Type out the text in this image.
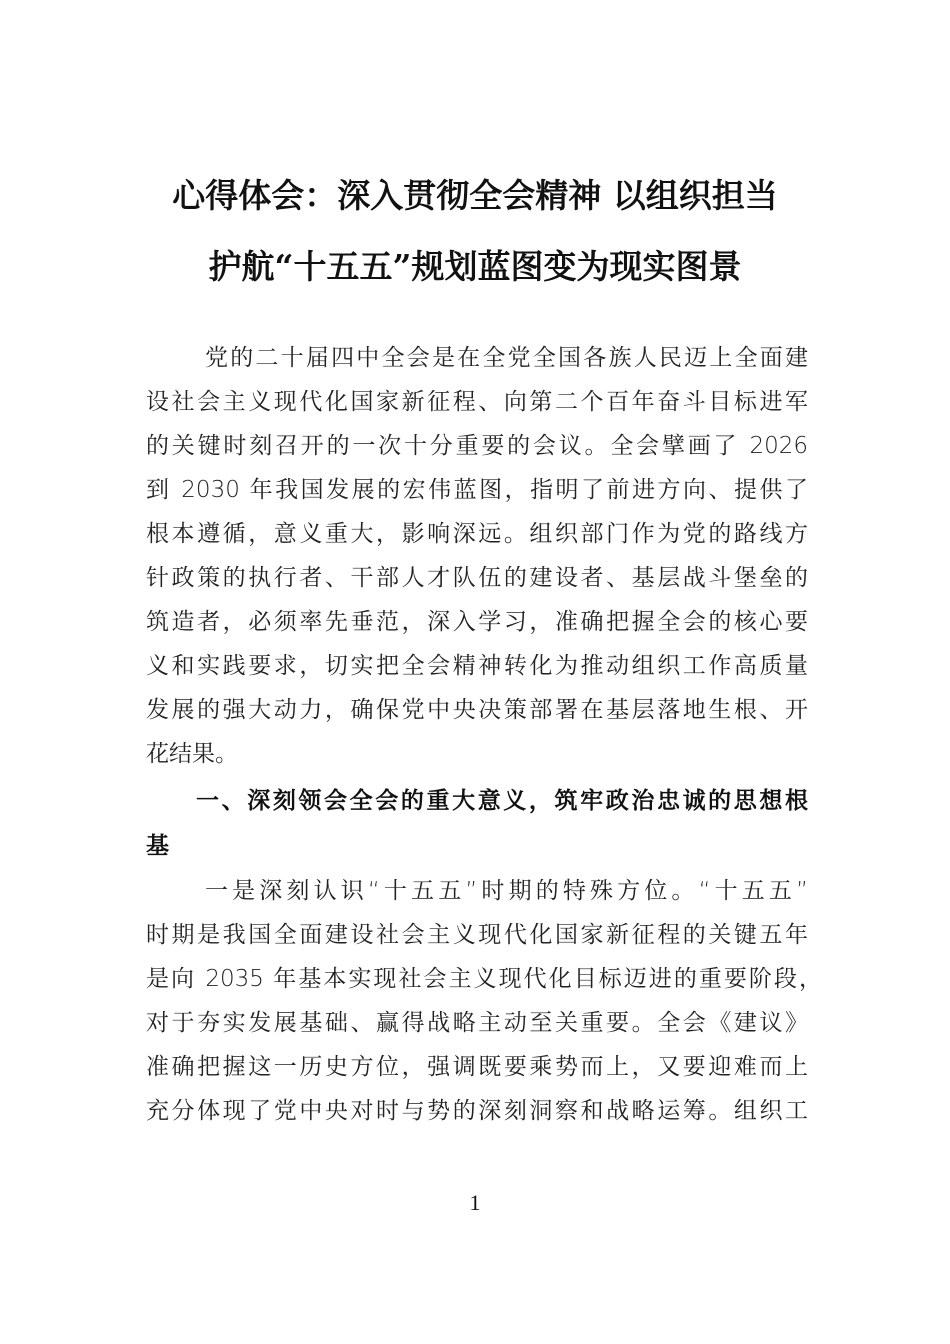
心得体会：深入贯彻全会精神 以组织担当
护航“十五五”规划蓝图变为现实图景
党的二十届四中全会是在全党全国各族人民迈上全面建
设社会主义现代化国家新征程、向第二个百年奋斗目标进军
的关键时刻召开的一次十分重要的会议。全会擘画了 2026
到 2030 年我国发展的宏伟蓝图，指明了前进方向、提供了
根本遵循，意义重大，影响深远。组织部门作为党的路线方
针政策的执行者、干部人才队伍的建设者、基层战斗堡垒的
筑造者，必须率先垂范，深入学习，准确把握全会的核心要
义和实践要求，切实把全会精神转化为推动组织工作高质量
发展的强大动力，确保党中央决策部署在基层落地生根、开
花结果。
一、深刻领会全会的重大意义，筑牢政治忠诚的思想根
基
一是深刻认识“十五五”时期的特殊方位。“十五五”
时期是我国全面建设社会主义现代化国家新征程的关键五年
是向 2035 年基本实现社会主义现代化目标迈进的重要阶段，
对于夯实发展基础、赢得战略主动至关重要。全会《建议》
准确把握这一历史方位，强调既要乘势而上，又要迎难而上
充分体现了党中央对时与势的深刻洞察和战略运筹。组织工
1
